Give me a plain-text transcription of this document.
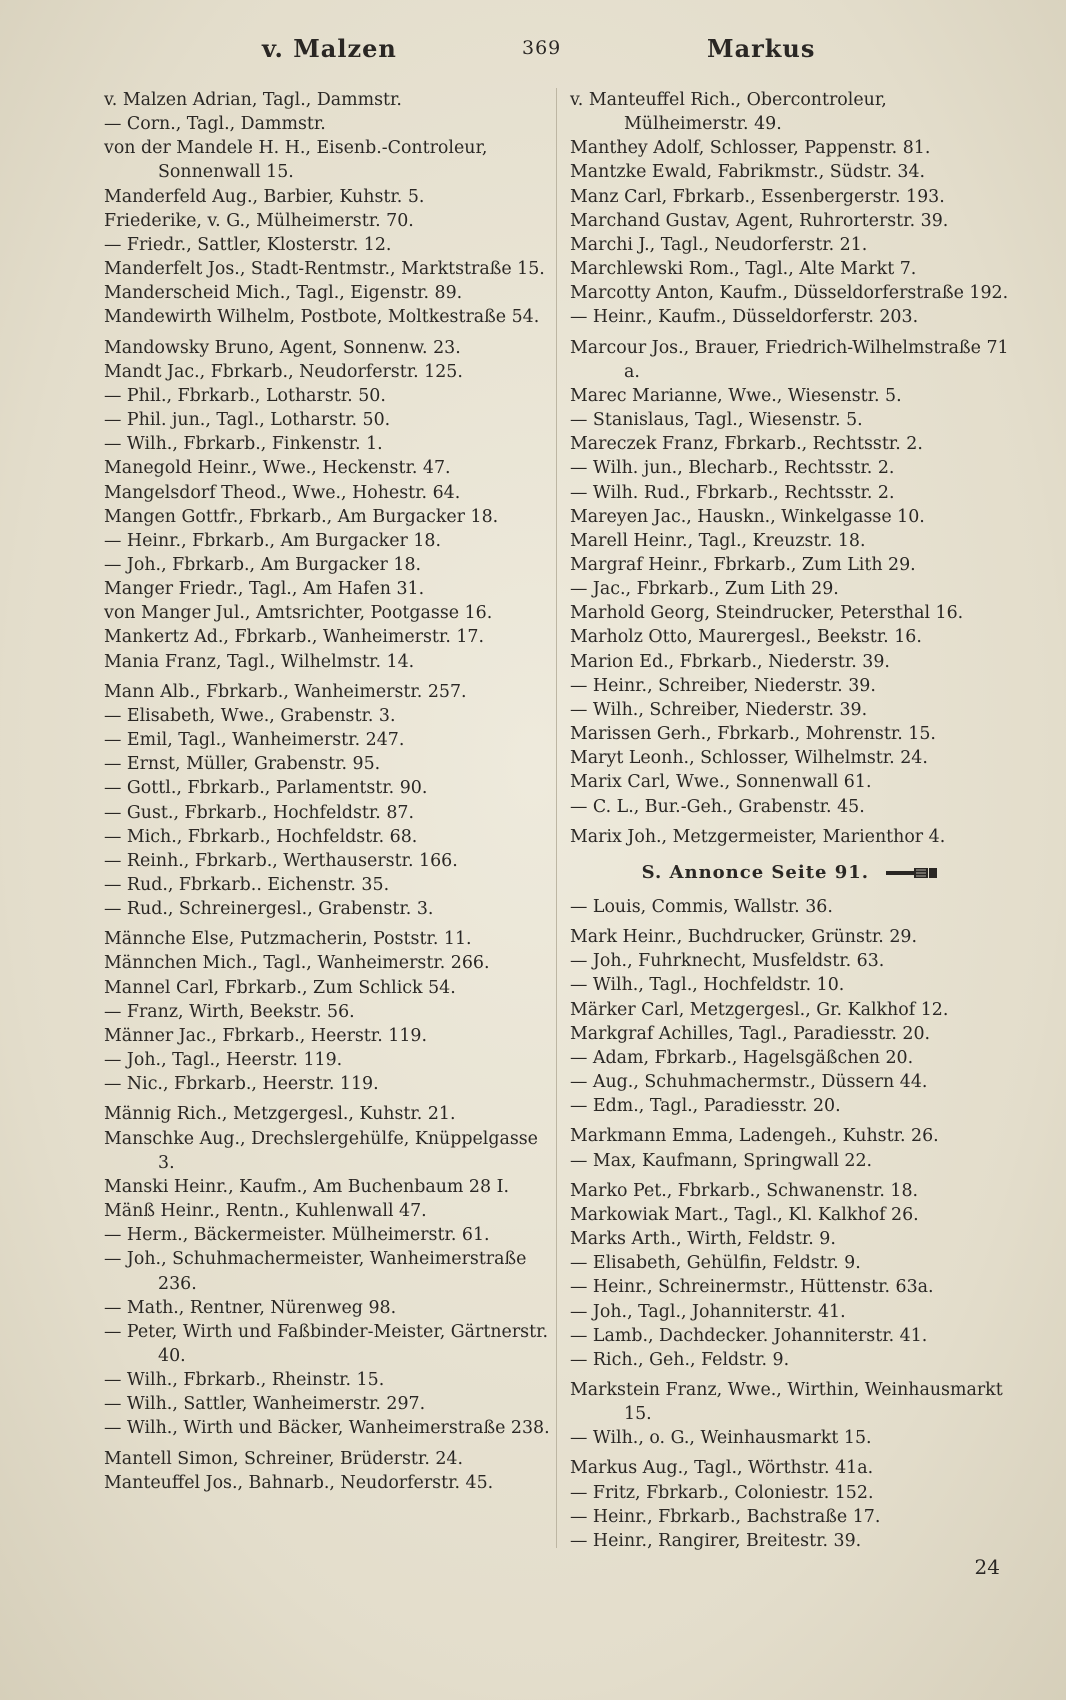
v. Malzen	369	Markus
v. Malzen Adrian, Tagl., Dammstr.
— Corn., Tagl., Dammstr.
von der Mandele H. H., Eisenb.-Controleur, Sonnenwall 15.
Manderfeld Aug., Barbier, Kuhstr. 5.
Friederike, v. G., Mülheimerstr. 70.
— Friedr., Sattler, Klosterstr. 12.
Manderfelt Jos., Stadt-Rentmstr., Marktstraße 15.
Manderscheid Mich., Tagl., Eigenstr. 89.
Mandewirth Wilhelm, Postbote, Moltkestraße 54.
Mandowsky Bruno, Agent, Sonnenw. 23.
Mandt Jac., Fbrkarb., Neudorferstr. 125.
— Phil., Fbrkarb., Lotharstr. 50.
— Phil. jun., Tagl., Lotharstr. 50.
— Wilh., Fbrkarb., Finkenstr. 1.
Manegold Heinr., Wwe., Heckenstr. 47.
Mangelsdorf Theod., Wwe., Hohestr. 64.
Mangen Gottfr., Fbrkarb., Am Burgacker 18.
— Heinr., Fbrkarb., Am Burgacker 18.
— Joh., Fbrkarb., Am Burgacker 18.
Manger Friedr., Tagl., Am Hafen 31.
von Manger Jul., Amtsrichter, Pootgasse 16.
Mankertz Ad., Fbrkarb., Wanheimerstr. 17.
Mania Franz, Tagl., Wilhelmstr. 14.
Mann Alb., Fbrkarb., Wanheimerstr. 257.
— Elisabeth, Wwe., Grabenstr. 3.
— Emil, Tagl., Wanheimerstr. 247.
— Ernst, Müller, Grabenstr. 95.
— Gottl., Fbrkarb., Parlamentstr. 90.
— Gust., Fbrkarb., Hochfeldstr. 87.
— Mich., Fbrkarb., Hochfeldstr. 68.
— Reinh., Fbrkarb., Werthauserstr. 166.
— Rud., Fbrkarb.. Eichenstr. 35.
— Rud., Schreinergesl., Grabenstr. 3.
Männche Else, Putzmacherin, Poststr. 11.
Männchen Mich., Tagl., Wanheimerstr. 266.
Mannel Carl, Fbrkarb., Zum Schlick 54.
— Franz, Wirth, Beekstr. 56.
Männer Jac., Fbrkarb., Heerstr. 119.
— Joh., Tagl., Heerstr. 119.
— Nic., Fbrkarb., Heerstr. 119.
Männig Rich., Metzgergesl., Kuhstr. 21.
Manschke Aug., Drechslergehülfe, Knüppelgasse 3.
Manski Heinr., Kaufm., Am Buchenbaum 28 I.
Mänß Heinr., Rentn., Kuhlenwall 47.
— Herm., Bäckermeister. Mülheimerstr. 61.
— Joh., Schuhmachermeister, Wanheimerstraße 236.
— Math., Rentner, Nürenweg 98.
— Peter, Wirth und Faßbinder-Meister, Gärtnerstr. 40.
— Wilh., Fbrkarb., Rheinstr. 15.
— Wilh., Sattler, Wanheimerstr. 297.
— Wilh., Wirth und Bäcker, Wanheimerstraße 238.
Mantell Simon, Schreiner, Brüderstr. 24.
Manteuffel Jos., Bahnarb., Neudorferstr. 45.
v. Manteuffel Rich., Obercontroleur, Mülheimerstr. 49.
Manthey Adolf, Schlosser, Pappenstr. 81.
Mantzke Ewald, Fabrikmstr., Südstr. 34.
Manz Carl, Fbrkarb., Essenbergerstr. 193.
Marchand Gustav, Agent, Ruhrorterstr. 39.
Marchi J., Tagl., Neudorferstr. 21.
Marchlewski Rom., Tagl., Alte Markt 7.
Marcotty Anton, Kaufm., Düsseldorferstraße 192.
— Heinr., Kaufm., Düsseldorferstr. 203.
Marcour Jos., Brauer, Friedrich-Wilhelmstraße 71 a.
Marec Marianne, Wwe., Wiesenstr. 5.
— Stanislaus, Tagl., Wiesenstr. 5.
Mareczek Franz, Fbrkarb., Rechtsstr. 2.
— Wilh. jun., Blecharb., Rechtsstr. 2.
— Wilh. Rud., Fbrkarb., Rechtsstr. 2.
Mareyen Jac., Hauskn., Winkelgasse 10.
Marell Heinr., Tagl., Kreuzstr. 18.
Margraf Heinr., Fbrkarb., Zum Lith 29.
— Jac., Fbrkarb., Zum Lith 29.
Marhold Georg, Steindrucker, Petersthal 16.
Marholz Otto, Maurergesl., Beekstr. 16.
Marion Ed., Fbrkarb., Niederstr. 39.
— Heinr., Schreiber, Niederstr. 39.
— Wilh., Schreiber, Niederstr. 39.
Marissen Gerh., Fbrkarb., Mohrenstr. 15.
Maryt Leonh., Schlosser, Wilhelmstr. 24.
Marix Carl, Wwe., Sonnenwall 61.
— C. L., Bur.-Geh., Grabenstr. 45.
Marix Joh., Metzgermeister, Marienthor 4.
S. Annonce Seite 91.
— Louis, Commis, Wallstr. 36.
Mark Heinr., Buchdrucker, Grünstr. 29.
— Joh., Fuhrknecht, Musfeldstr. 63.
— Wilh., Tagl., Hochfeldstr. 10.
Märker Carl, Metzgergesl., Gr. Kalkhof 12.
Markgraf Achilles, Tagl., Paradiesstr. 20.
— Adam, Fbrkarb., Hagelsgäßchen 20.
— Aug., Schuhmachermstr., Düssern 44.
— Edm., Tagl., Paradiesstr. 20.
Markmann Emma, Ladengeh., Kuhstr. 26.
— Max, Kaufmann, Springwall 22.
Marko Pet., Fbrkarb., Schwanenstr. 18.
Markowiak Mart., Tagl., Kl. Kalkhof 26.
Marks Arth., Wirth, Feldstr. 9.
— Elisabeth, Gehülfin, Feldstr. 9.
— Heinr., Schreinermstr., Hüttenstr. 63a.
— Joh., Tagl., Johanniterstr. 41.
— Lamb., Dachdecker. Johanniterstr. 41.
— Rich., Geh., Feldstr. 9.
Markstein Franz, Wwe., Wirthin, Weinhausmarkt 15.
— Wilh., o. G., Weinhausmarkt 15.
Markus Aug., Tagl., Wörthstr. 41a.
— Fritz, Fbrkarb., Coloniestr. 152.
— Heinr., Fbrkarb., Bachstraße 17.
— Heinr., Rangirer, Breitestr. 39.
24
